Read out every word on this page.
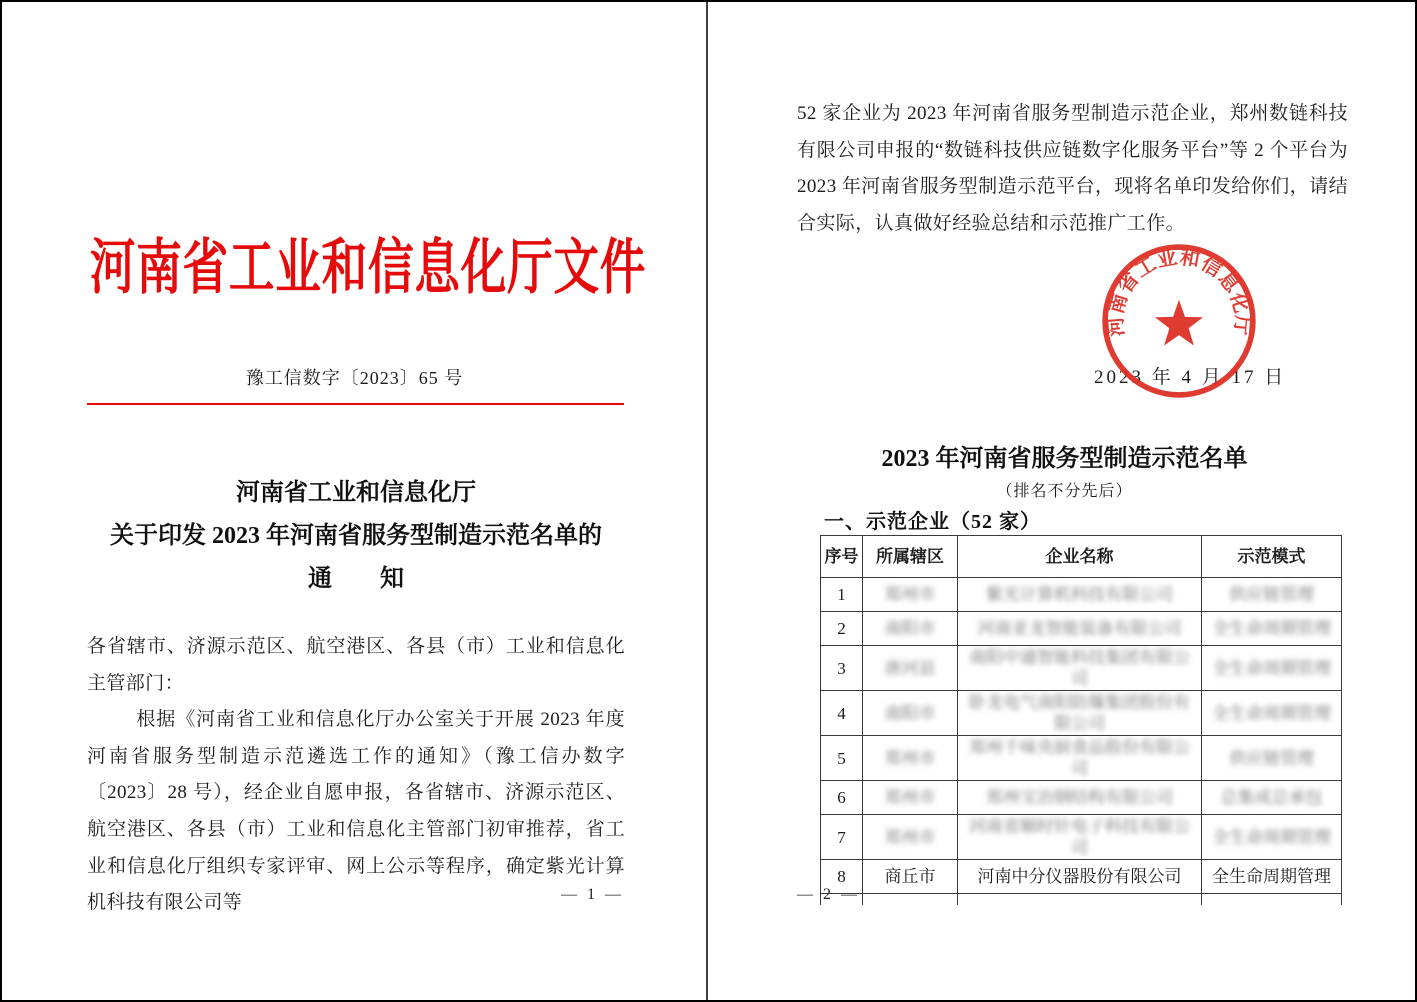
河南省工业和信息化厅文件
豫工信数字〔2023〕65 号
河南省工业和信息化厅
关于印发 2023 年河南省服务型制造示范名单的
通　　知

各省辖市、济源示范区、航空港区、各县（市）工业和信息化主管部门：

根据《河南省工业和信息化厅办公室关于开展 2023 年度河南省服务型制造示范遴选工作的通知》（豫工信办数字〔2023〕28 号），经企业自愿申报，各省辖市、济源示范区、航空港区、各县（市）工业和信息化主管部门初审推荐，省工业和信息化厅组织专家评审、网上公示等程序，确定紫光计算机科技有限公司等	— 1 —

52 家企业为 2023 年河南省服务型制造示范企业，郑州数链科技有限公司申报的“数链科技供应链数字化服务平台”等 2 个平台为 2023 年河南省服务型制造示范平台，现将名单印发给你们，请结合实际，认真做好经验总结和示范推广工作。

河南省工业和信息化厅
2023 年 4 月 17 日
2023 年河南省服务型制造示范名单
（排名不分先后）
一、示范企业（52 家）
序号	所属辖区	企业名称	示范模式
1	郑州市	紫光计算机科技有限公司	供应链管理
2	南阳市	河南亚龙智能装备有限公司	全生命周期管理
3	唐河县	南阳中通智能科技集团有限公司	全生命周期管理
4	南阳市	卧龙电气南阳防爆集团股份有限公司	全生命周期管理
5	郑州市	郑州千味央厨食品股份有限公司	供应链管理
6	郑州市	郑州宝冶钢结构有限公司	总集成总承包
7	郑州市	河南省顺时针电子科技有限公司	全生命周期管理
8	商丘市	河南中分仪器股份有限公司	全生命周期管理

— 2 —
